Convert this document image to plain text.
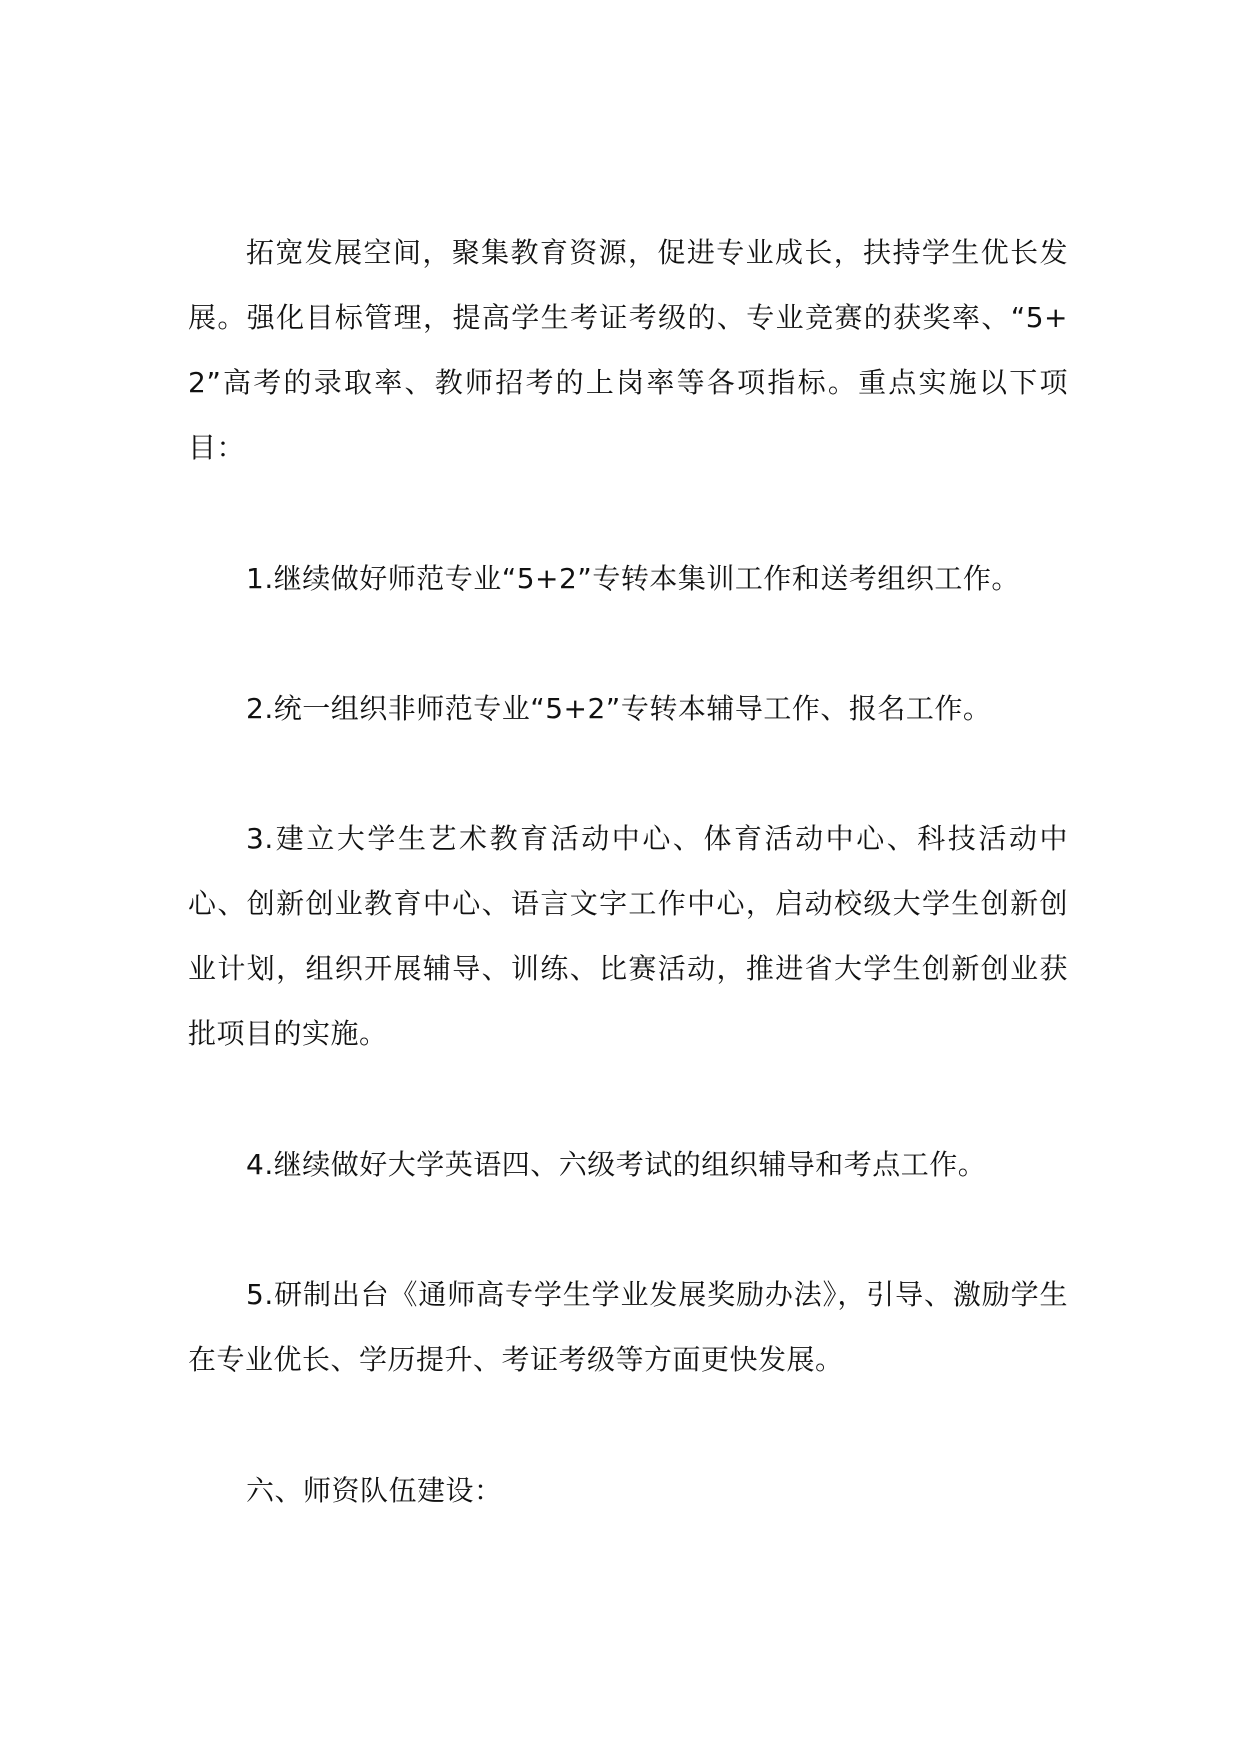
拓宽发展空间，聚集教育资源，促进专业成长，扶持学生优长发展。强化目标管理，提高学生考证考级的、专业竞赛的获奖率、“5+2”高考的录取率、教师招考的上岗率等各项指标。重点实施以下项目：

1.继续做好师范专业“5+2”专转本集训工作和送考组织工作。

2.统一组织非师范专业“5+2”专转本辅导工作、报名工作。

3.建立大学生艺术教育活动中心、体育活动中心、科技活动中心、创新创业教育中心、语言文字工作中心，启动校级大学生创新创业计划，组织开展辅导、训练、比赛活动，推进省大学生创新创业获批项目的实施。

4.继续做好大学英语四、六级考试的组织辅导和考点工作。

5.研制出台《通师高专学生学业发展奖励办法》，引导、激励学生在专业优长、学历提升、考证考级等方面更快发展。

六、师资队伍建设：
